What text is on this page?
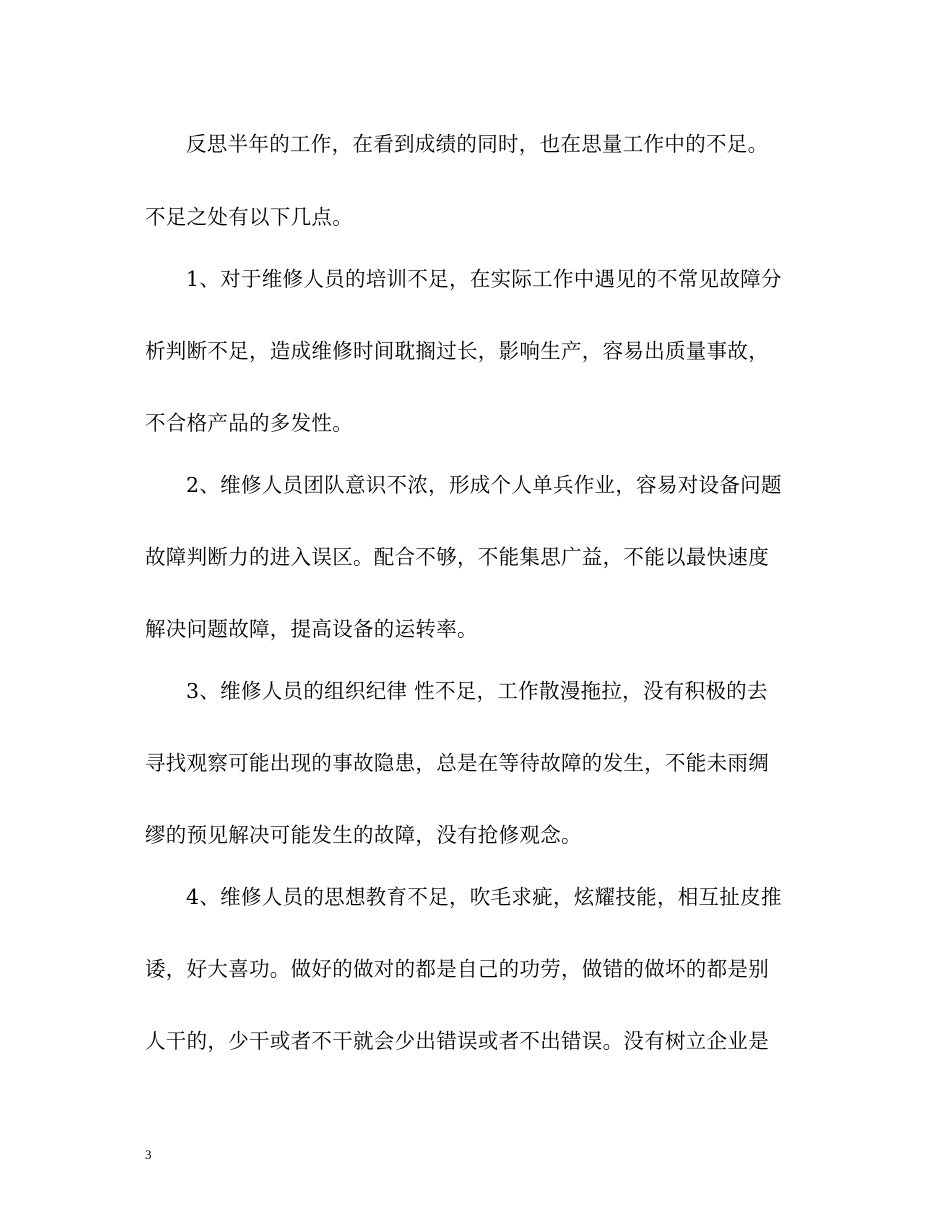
反思半年的工作，在看到成绩的同时，也在思量工作中的不足。
不足之处有以下几点。
1、对于维修人员的培训不足，在实际工作中遇见的不常见故障分
析判断不足，造成维修时间耽搁过长，影响生产，容易出质量事故，
不合格产品的多发性。
2、维修人员团队意识不浓，形成个人单兵作业，容易对设备问题
故障判断力的进入误区。配合不够，不能集思广益，不能以最快速度
解决问题故障，提高设备的运转率。
3、维修人员的组织纪律 性不足，工作散漫拖拉，没有积极的去
寻找观察可能出现的事故隐患，总是在等待故障的发生，不能未雨绸
缪的预见解决可能发生的故障，没有抢修观念。
4、维修人员的思想教育不足，吹毛求疵，炫耀技能，相互扯皮推
诿，好大喜功。做好的做对的都是自己的功劳，做错的做坏的都是别
人干的，少干或者不干就会少出错误或者不出错误。没有树立企业是
3
